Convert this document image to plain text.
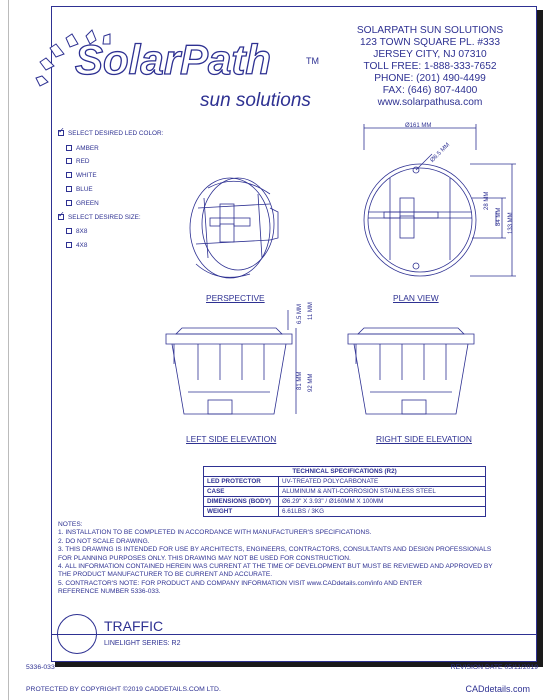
SolarPath	TM
sun solutions
SOLARPATH SUN SOLUTIONS
123 TOWN SQUARE PL. #333
JERSEY CITY, NJ 07310
TOLL FREE: 1-888-333-7652
PHONE: (201) 490-4499
FAX: (646) 807-4400
www.solarpathusa.com
✓SELECT DESIRED LED COLOR:
AMBER
RED
WHITE
BLUE
GREEN
✓SELECT DESIRED SIZE:
8X8
4X8
Ø161 MM
Ø6.5 MM
28 MM
84 MM 133 MM
PERSPECTIVE	PLAN VIEW
6.5 MM 11 MM
81 MM 92 MM
LEFT SIDE ELEVATION	RIGHT SIDE ELEVATION
TECHNICAL SPECIFICATIONS (R2)	
LED PROTECTOR	UV-TREATED POLYCARBONATE
CASE	ALUMINUM & ANTI-CORROSION STAINLESS STEEL
DIMENSIONS (BODY)	Ø6.29" X 3.93" / Ø160MM X 100MM
WEIGHT	6.61LBS / 3KG
NOTES:
1. INSTALLATION TO BE COMPLETED IN ACCORDANCE WITH MANUFACTURER'S SPECIFICATIONS.
2. DO NOT SCALE DRAWING.
3. THIS DRAWING IS INTENDED FOR USE BY ARCHITECTS, ENGINEERS, CONTRACTORS, CONSULTANTS AND DESIGN PROFESSIONALS
FOR PLANNING PURPOSES ONLY. THIS DRAWING MAY NOT BE USED FOR CONSTRUCTION.
4. ALL INFORMATION CONTAINED HEREIN WAS CURRENT AT THE TIME OF DEVELOPMENT BUT MUST BE REVIEWED AND APPROVED BY
THE PRODUCT MANUFACTURER TO BE CURRENT AND ACCURATE.
5. CONTRACTOR'S NOTE: FOR PRODUCT AND COMPANY INFORMATION VISIT www.CADdetails.com/info AND ENTER
REFERENCE NUMBER 5336-033.
TRAFFIC
LINELIGHT SERIES: R2
5336-033	REVISION DATE 05/11/2019
PROTECTED BY COPYRIGHT ©2019 CADDETAILS.COM LTD.	CADdetails.com
